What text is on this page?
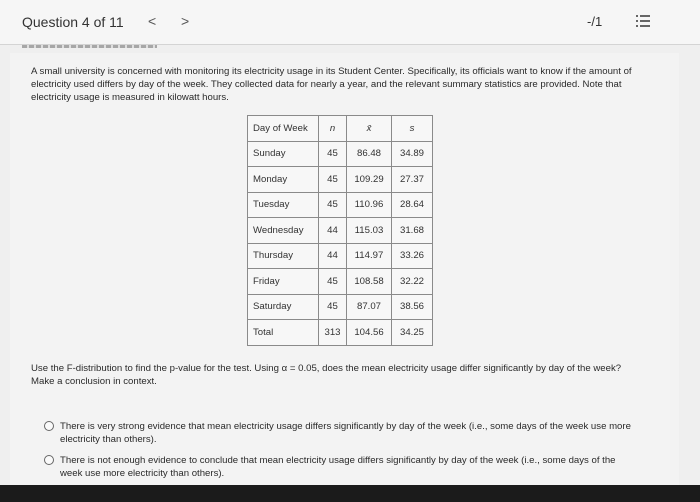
Question 4 of 11 < >	-/1
A small university is concerned with monitoring its electricity usage in its Student Center. Specifically, its officials want to know if the amount of electricity used differs by day of the week. They collected data for nearly a year, and the relevant summary statistics are provided. Note that electricity usage is measured in kilowatt hours.
Day of Week	n	x̄	s
Sunday	45	86.48	34.89
Monday	45	109.29	27.37
Tuesday	45	110.96	28.64
Wednesday	44	115.03	31.68
Thursday	44	114.97	33.26
Friday	45	108.58	32.22
Saturday	45	87.07	38.56
Total	313	104.56	34.25
Use the F-distribution to find the p-value for the test. Using α = 0.05, does the mean electricity usage differ significantly by day of the week? Make a conclusion in context.
There is very strong evidence that mean electricity usage differs significantly by day of the week (i.e., some days of the week use more electricity than others).
There is not enough evidence to conclude that mean electricity usage differs significantly by day of the week (i.e., some days of the week use more electricity than others).
